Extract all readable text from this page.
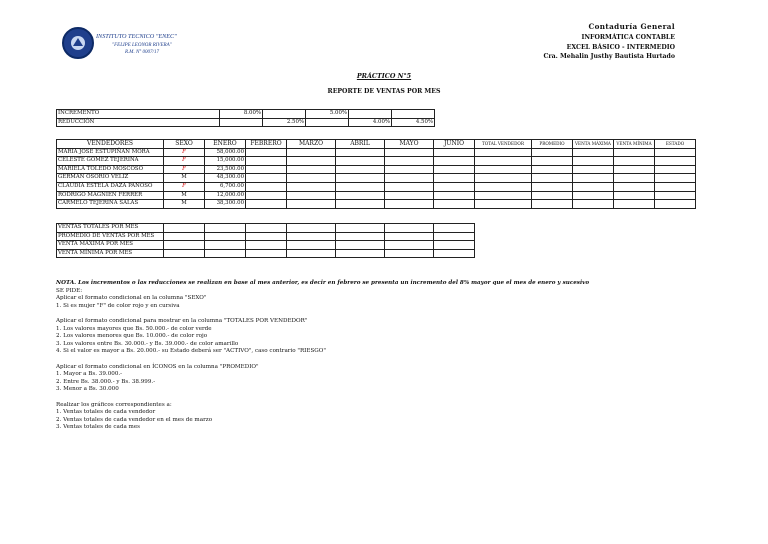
INSTITUTO TECNICO "ENEC"
"FELIPE LEONOR RIVERA"
R.M. N° 0007/17
Contaduría General
INFORMÁTICA CONTABLE
EXCEL BÁSICO - INTERMEDIO
Cra. Mehalin Justhy Bautista Hurtado
PRÁCTICO N°5
REPORTE DE VENTAS POR MES
INCREMENTO	8.00%		5.00%		
REDUCCIÓN		2.50%		4.00%	4.50%
VENDEDORES	SEXO	ENERO	FEBRERO	MARZO	ABRIL	MAYO	JUNIO	TOTAL VENDEDOR	PROMEDIO	VENTA MÁXIMA	VENTA MÍNIMA	ESTADO
MARIA JOSE ESTUPIÑAN MORA	F	58,000.00										
CELESTE GOMEZ TEJERINA	F	15,000.00										
MARIELA TOLEDO MOSCOSO	F	23,500.00										
GERMAN OSORIO VELIZ	M	48,300.00										
CLAUDIA ESTELA DAZA PANOSO	F	6,700.00										
RODRIGO MAGNIEN FERRER	M	12,000.00										
CARMELO TEJERINA SALAS	M	38,300.00										
VENTAS TOTALES POR MES							
PROMEDIO DE VENTAS POR MES							
VENTA MÁXIMA POR MES							
VENTA MÍNIMA POR MES							
NOTA. Los incrementos o las reducciones se realizan en base al mes anterior, es decir en febrero se presenta un incremento del 8% mayor que el mes de enero y sucesivo
SE PIDE:
Aplicar el formato condicional en la columna "SEXO"
1. Si es mujer "F" de color rojo y en cursiva
Aplicar el formato condicional para mostrar en la columna "TOTALES POR VENDEDOR"
1. Los valores mayores que Bs. 50.000.- de color verde
2. Los valores menores que Bs. 10.000.- de color rojo
3. Los valores entre Bs. 30.000.- y Bs. 39.000.- de color amarillo
4. Si el valor es mayor a Bs. 20.000.- su Estado deberá ser "ACTIVO", caso contrario "RIESGO"
Aplicar el formato condicional en ÍCONOS en la columna "PROMEDIO"
1. Mayor a Bs. 39.000.-
2. Entre Bs. 38.000.- y Bs. 38.999.-
3. Menor a Bs. 30.000
Realizar los gráficos correspondientes a:
1. Ventas totales de cada vendedor
2. Ventas totales de cada vendedor en el mes de marzo
3. Ventas totales de cada mes
